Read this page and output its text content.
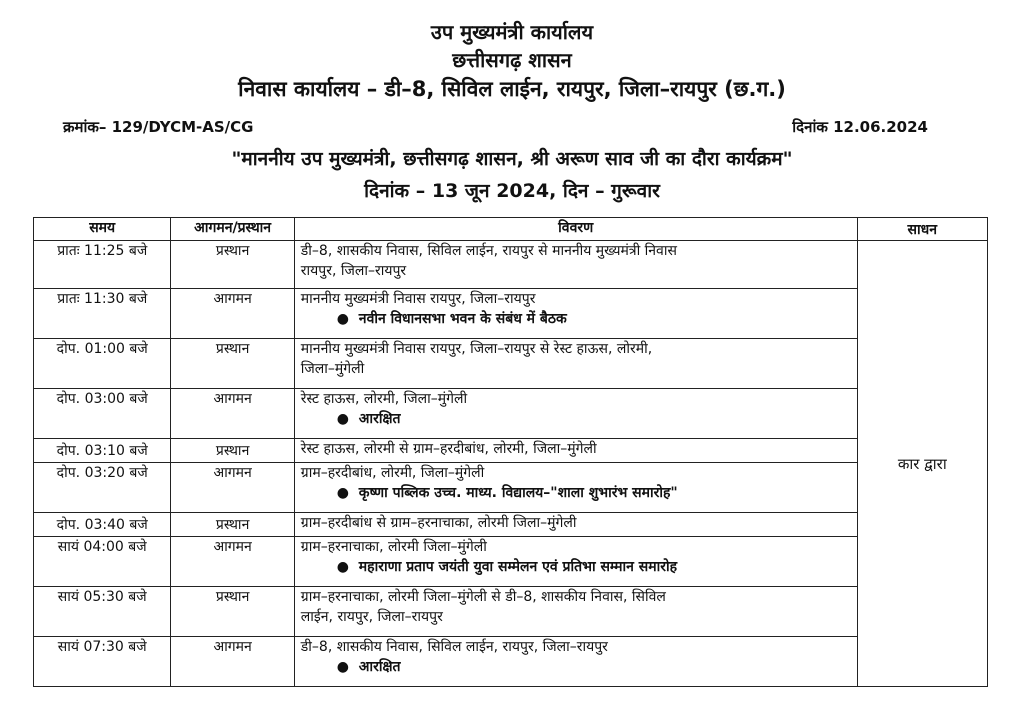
उप मुख्यमंत्री कार्यालय
छत्तीसगढ़ शासन
निवास कार्यालय – डी–8, सिविल लाईन, रायपुर, जिला–रायपुर (छ.ग.)
क्रमांक– 129/DYCM-AS/CG	दिनांक 12.06.2024
"माननीय उप मुख्यमंत्री, छत्तीसगढ़ शासन, श्री अरूण साव जी का दौरा कार्यक्रम"
दिनांक – 13 जून 2024, दिन – गुरूवार
समय	आगमन/प्रस्थान	विवरण	साधन
प्रातः 11:25 बजे	प्रस्थान	डी–8, शासकीय निवास, सिविल लाईन, रायपुर से माननीय मुख्यमंत्री निवास
रायपुर, जिला–रायपुर	कार द्वारा
प्रातः 11:30 बजे	आगमन	माननीय मुख्यमंत्री निवास रायपुर, जिला–रायपुर
● नवीन विधानसभा भवन के संबंध में बैठक	

दोप. 01:00 बजे	प्रस्थान	माननीय मुख्यमंत्री निवास रायपुर, जिला–रायपुर से रेस्ट हाऊस, लोरमी,
जिला–मुंगेली	

दोप. 03:00 बजे	आगमन	रेस्ट हाऊस, लोरमी, जिला–मुंगेली
● आरक्षित	

दोप. 03:10 बजे	प्रस्थान	रेस्ट हाऊस, लोरमी से ग्राम–हरदीबांध, लोरमी, जिला–मुंगेली	

दोप. 03:20 बजे	आगमन	ग्राम–हरदीबांध, लोरमी, जिला–मुंगेली
● कृष्णा पब्लिक उच्च. माध्य. विद्यालय–"शाला शुभारंभ समारोह"	

दोप. 03:40 बजे	प्रस्थान	ग्राम–हरदीबांध से ग्राम–हरनाचाका, लोरमी जिला–मुंगेली	

सायं 04:00 बजे	आगमन	ग्राम–हरनाचाका, लोरमी जिला–मुंगेली
● महाराणा प्रताप जयंती युवा सम्मेलन एवं प्रतिभा सम्मान समारोह	

सायं 05:30 बजे	प्रस्थान	ग्राम–हरनाचाका, लोरमी जिला–मुंगेली से डी–8, शासकीय निवास, सिविल
लाईन, रायपुर, जिला–रायपुर	

सायं 07:30 बजे	आगमन	डी–8, शासकीय निवास, सिविल लाईन, रायपुर, जिला–रायपुर
● आरक्षित	
